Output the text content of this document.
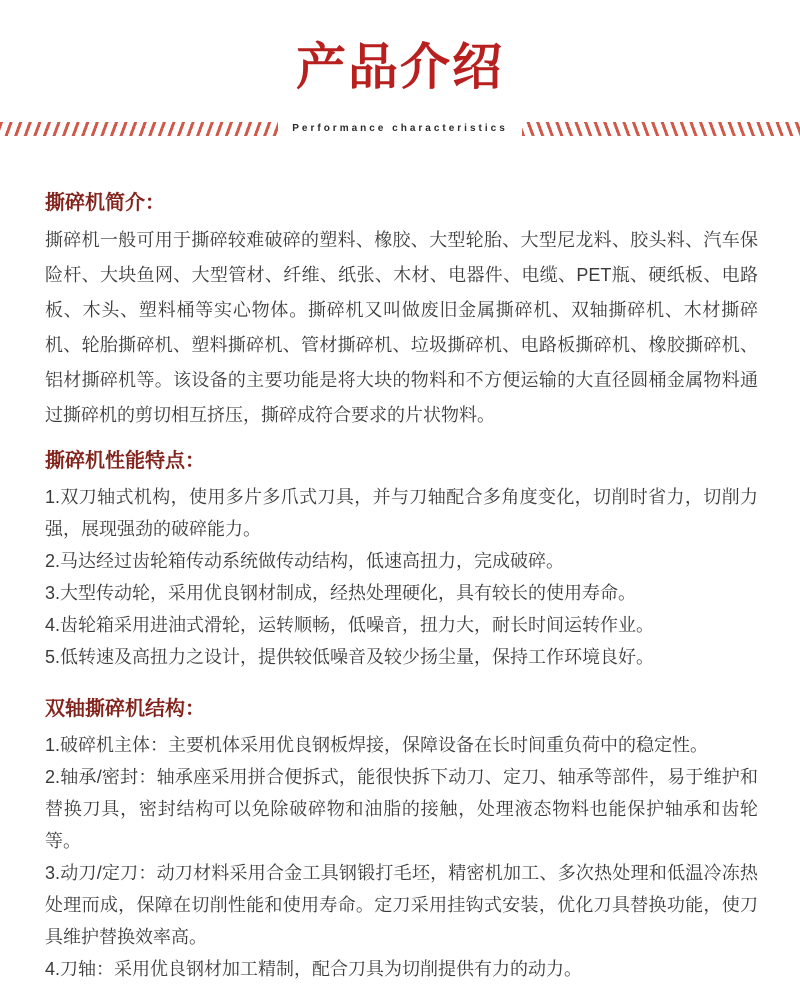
产品介绍
Performance characteristics
撕碎机简介：

撕碎机一般可用于撕碎较难破碎的塑料、橡胶、大型轮胎、大型尼龙料、胶头料、汽车保险杆、大块鱼网、大型管材、纤维、纸张、木材、电器件、电缆、PET瓶、硬纸板、电路板、木头、塑料桶等实心物体。撕碎机又叫做废旧金属撕碎机、双轴撕碎机、木材撕碎机、轮胎撕碎机、塑料撕碎机、管材撕碎机、垃圾撕碎机、电路板撕碎机、橡胶撕碎机、铝材撕碎机等。该设备的主要功能是将大块的物料和不方便运输的大直径圆桶金属物料通过撕碎机的剪切相互挤压，撕碎成符合要求的片状物料。

撕碎机性能特点：

1.双刀轴式机构，使用多片多爪式刀具，并与刀轴配合多角度变化，切削时省力，切削力强，展现强劲的破碎能力。

2.马达经过齿轮箱传动系统做传动结构，低速高扭力，完成破碎。

3.大型传动轮，采用优良钢材制成，经热处理硬化，具有较长的使用寿命。

4.齿轮箱采用进油式滑轮，运转顺畅，低噪音，扭力大，耐长时间运转作业。

5.低转速及高扭力之设计，提供较低噪音及较少扬尘量，保持工作环境良好。

双轴撕碎机结构：

1.破碎机主体：主要机体采用优良钢板焊接，保障设备在长时间重负荷中的稳定性。

2.轴承/密封：轴承座采用拼合便拆式，能很快拆下动刀、定刀、轴承等部件，易于维护和替换刀具，密封结构可以免除破碎物和油脂的接触，处理液态物料也能保护轴承和齿轮等。

3.动刀/定刀：动刀材料采用合金工具钢锻打毛坯，精密机加工、多次热处理和低温冷冻热处理而成，保障在切削性能和使用寿命。定刀采用挂钩式安装，优化刀具替换功能，使刀具维护替换效率高。

4.刀轴：采用优良钢材加工精制，配合刀具为切削提供有力的动力。
